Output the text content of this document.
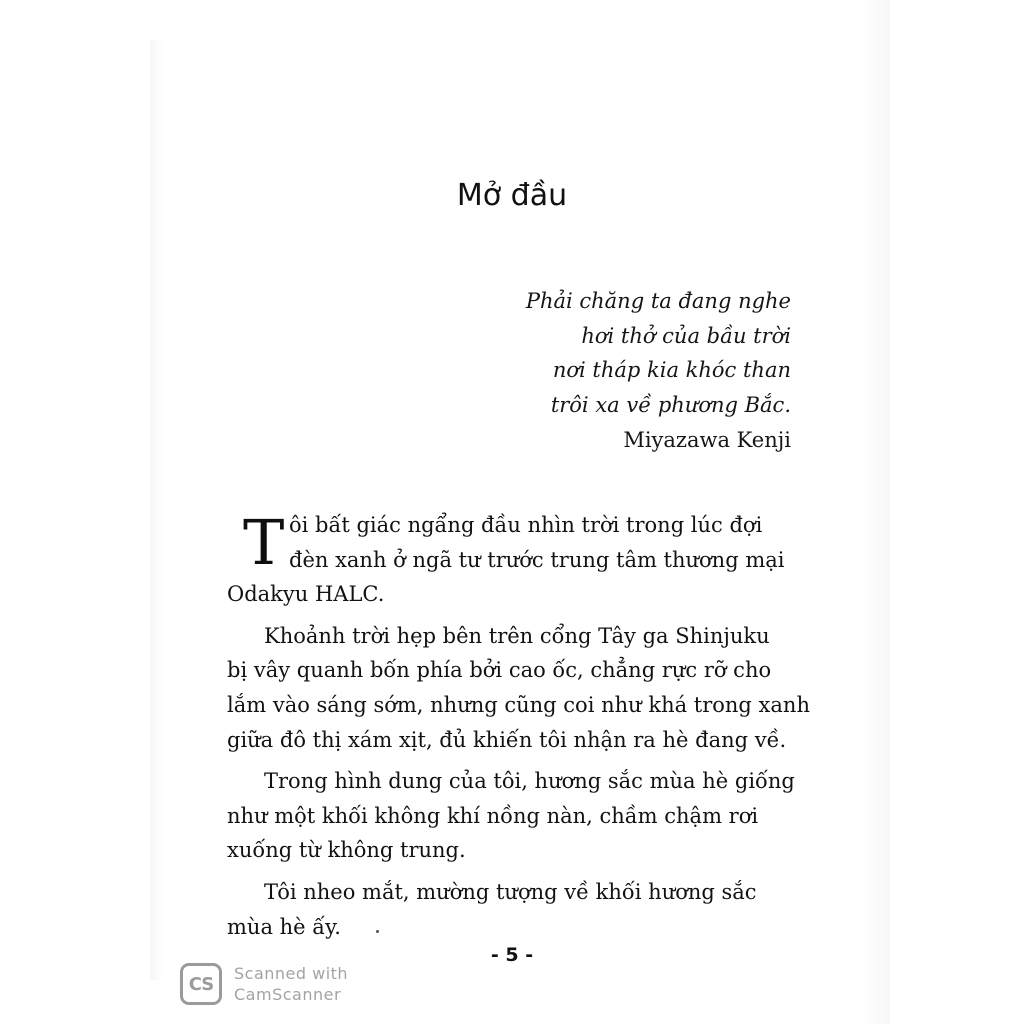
Mở đầu
Phải chăng ta đang nghe
hơi thở của bầu trời
nơi tháp kia khóc than
trôi xa về phương Bắc.
Miyazawa Kenji
T ôi bất giác ngẩng đầu nhìn trời trong lúc đợi
đèn xanh ở ngã tư trước trung tâm thương mại
Odakyu HALC.
Khoảnh trời hẹp bên trên cổng Tây ga Shinjuku
bị vây quanh bốn phía bởi cao ốc, chẳng rực rỡ cho
lắm vào sáng sớm, nhưng cũng coi như khá trong xanh
giữa đô thị xám xịt, đủ khiến tôi nhận ra hè đang về.
Trong hình dung của tôi, hương sắc mùa hè giống
như một khối không khí nồng nàn, chầm chậm rơi
xuống từ không trung.
Tôi nheo mắt, mường tượng về khối hương sắc
mùa hè ấy.
- 5 -
CS	Scanned with
CamScanner
